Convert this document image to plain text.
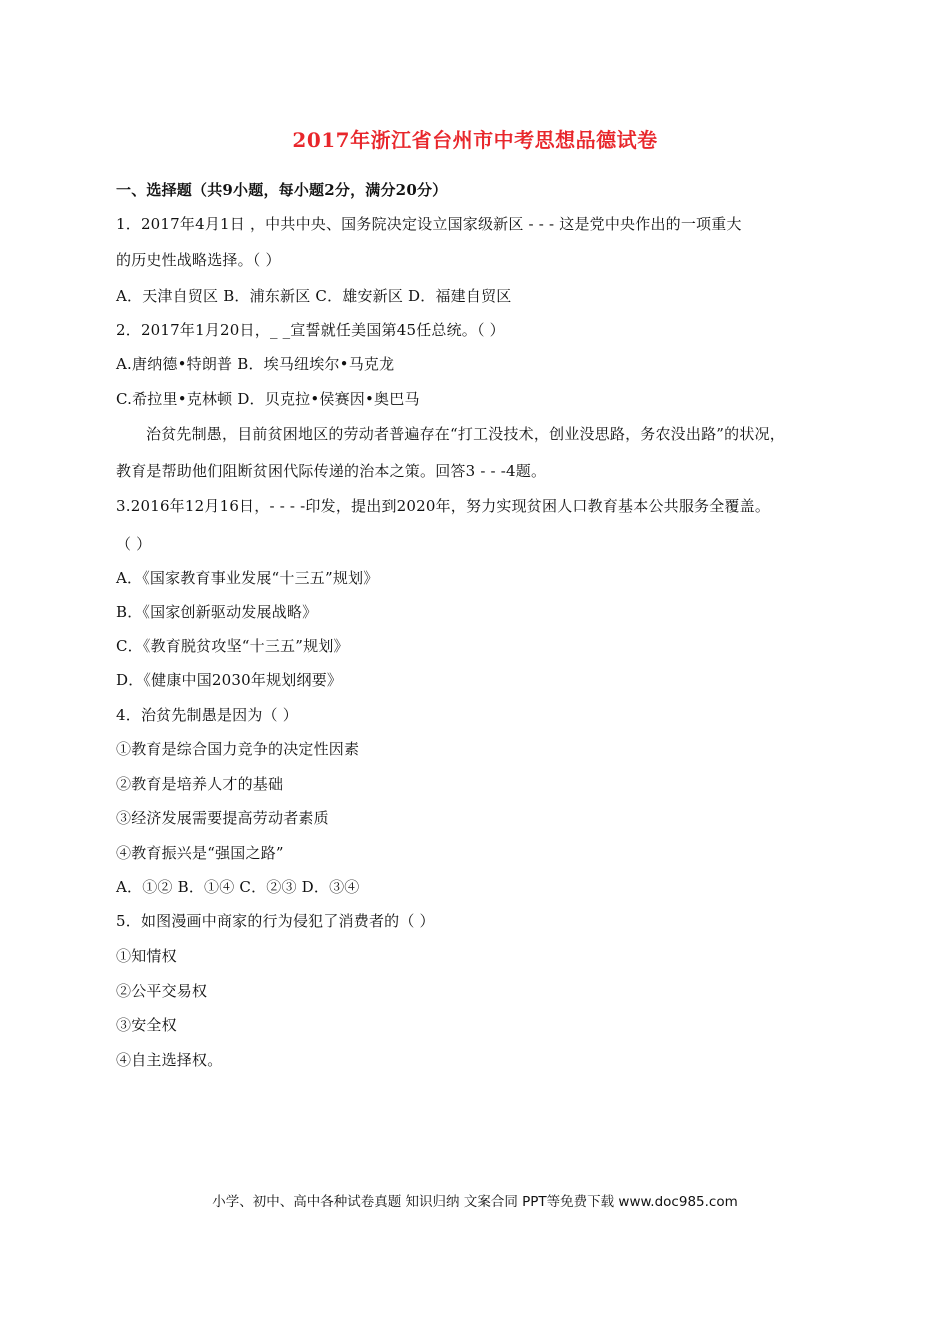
2017年浙江省台州市中考思想品德试卷
一、选择题（共9小题，每小题2分，满分20分）
1．2017年4月1日 ，中共中央、国务院决定设立国家级新区 - - - 这是党中央作出的一项重大
的历史性战略选择。（ ）
A．天津自贸区 B．浦东新区 C．雄安新区 D．福建自贸区
2．2017年1月20日，_ _宣誓就任美国第45任总统。（ ）
A.唐纳德•特朗普 B．埃马纽埃尔•马克龙
C.希拉里•克林顿 D．贝克拉•侯赛因•奥巴马
治贫先制愚，目前贫困地区的劳动者普遍存在“打工没技术，创业没思路，务农没出路”的状况，
教育是帮助他们阻断贫困代际传递的治本之策。回答3 - - -4题。
3.2016年12月16日，- - - -印发，提出到2020年，努力实现贫困人口教育基本公共服务全覆盖。
（ ）
A．《国家教育事业发展“十三五”规划》
B．《国家创新驱动发展战略》
C．《教育脱贫攻坚“十三五”规划》
D．《健康中国2030年规划纲要》
4．治贫先制愚是因为（ ）
①教育是综合国力竞争的决定性因素
②教育是培养人才的基础
③经济发展需要提高劳动者素质
④教育振兴是“强国之路”
A．①② B．①④ C．②③ D．③④
5．如图漫画中商家的行为侵犯了消费者的（ ）
①知情权
②公平交易权
③安全权
④自主选择权。
小学、初中、高中各种试卷真题 知识归纳 文案合同 PPT等免费下载 www.doc985.com
